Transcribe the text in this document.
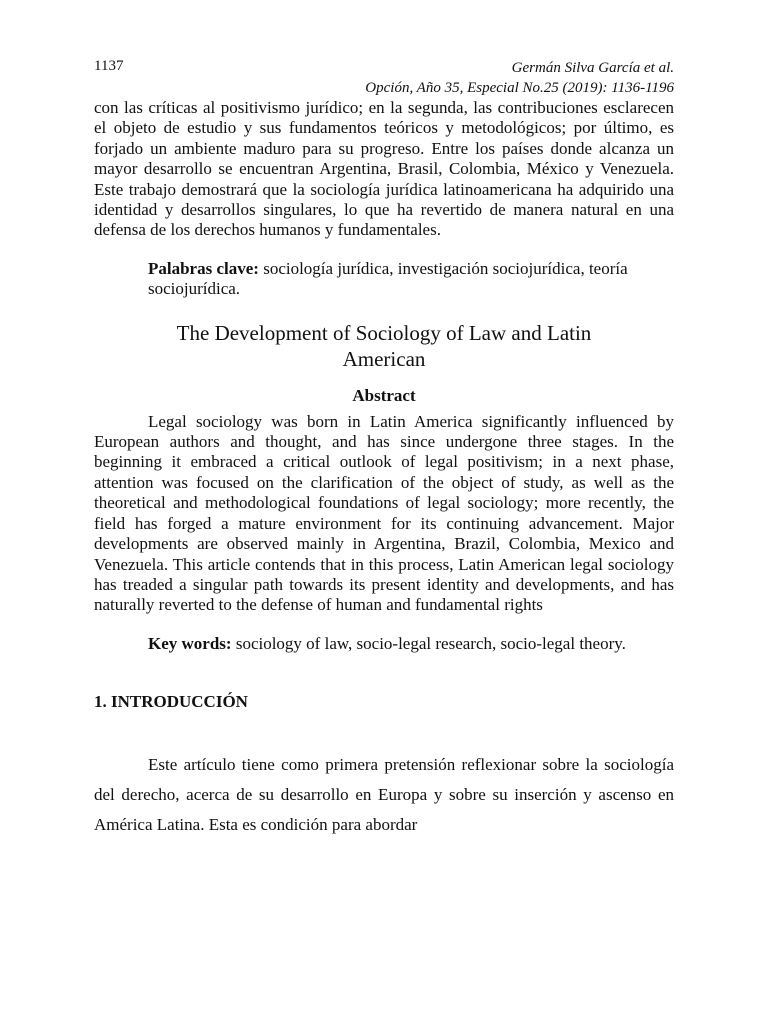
1137	Germán Silva García et al.
Opción, Año 35, Especial No.25 (2019): 1136-1196

con las críticas al positivismo jurídico; en la segunda, las contribuciones esclarecen el objeto de estudio y sus fundamentos teóricos y metodológicos; por último, es forjado un ambiente maduro para su progreso. Entre los países donde alcanza un mayor desarrollo se encuentran Argentina, Brasil, Colombia, México y Venezuela. Este trabajo demostrará que la sociología jurídica latinoamericana ha adquirido una identidad y desarrollos singulares, lo que ha revertido de manera natural en una defensa de los derechos humanos y fundamentales.

Palabras clave: sociología jurídica, investigación sociojurídica, teoría sociojurídica.
The Development of Sociology of Law and Latin American
Abstract

Legal sociology was born in Latin America significantly influenced by European authors and thought, and has since undergone three stages. In the beginning it embraced a critical outlook of legal positivism; in a next phase, attention was focused on the clarification of the object of study, as well as the theoretical and methodological foundations of legal sociology; more recently, the field has forged a mature environment for its continuing advancement. Major developments are observed mainly in Argentina, Brazil, Colombia, Mexico and Venezuela. This article contends that in this process, Latin American legal sociology has treaded a singular path towards its present identity and developments, and has naturally reverted to the defense of human and fundamental rights

Key words: sociology of law, socio-legal research, socio-legal theory.
1. INTRODUCCIÓN

Este artículo tiene como primera pretensión reflexionar sobre la sociología del derecho, acerca de su desarrollo en Europa y sobre su inserción y ascenso en América Latina. Esta es condición para abordar
